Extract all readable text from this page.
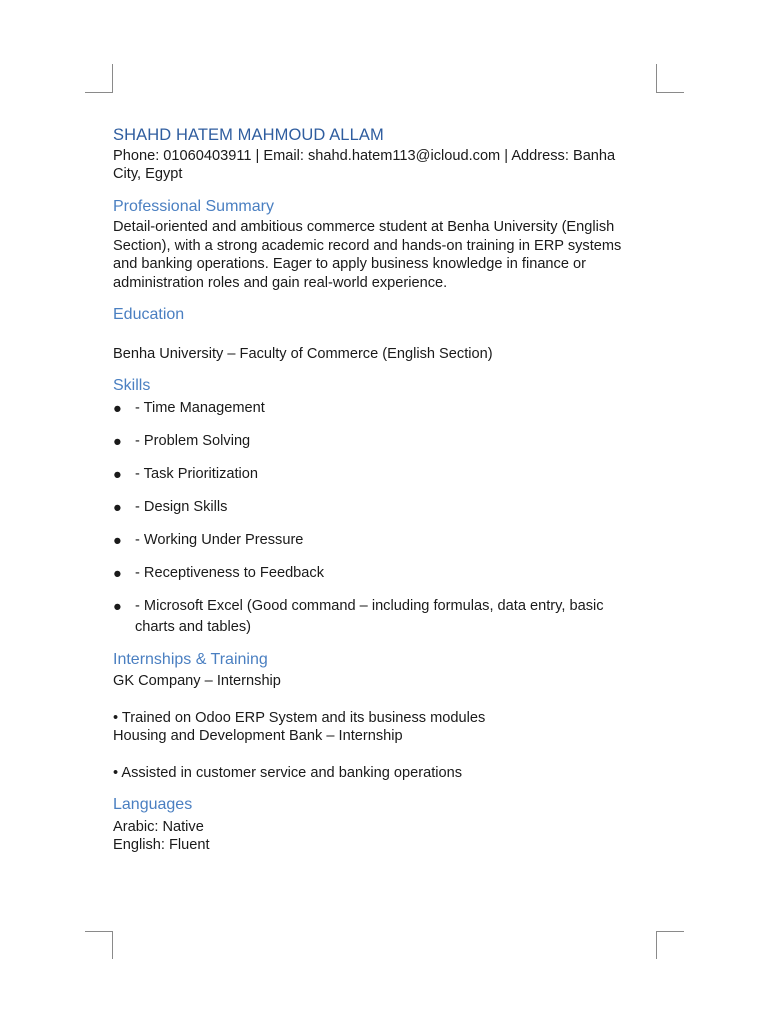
SHAHD HATEM MAHMOUD ALLAM
Phone: 01060403911 | Email: shahd.hatem113@icloud.com | Address: Banha
City, Egypt
Professional Summary
Detail-oriented and ambitious commerce student at Benha University (English
Section), with a strong academic record and hands-on training in ERP systems
and banking operations. Eager to apply business knowledge in finance or
administration roles and gain real-world experience.
Education
Benha University – Faculty of Commerce (English Section)
Skills
● - Time Management
● - Problem Solving
● - Task Prioritization
● - Design Skills
● - Working Under Pressure
● - Receptiveness to Feedback
● - Microsoft Excel (Good command – including formulas, data entry, basic
charts and tables)
Internships & Training
GK Company – Internship
• Trained on Odoo ERP System and its business modules
Housing and Development Bank – Internship
• Assisted in customer service and banking operations
Languages
Arabic: Native
English: Fluent
